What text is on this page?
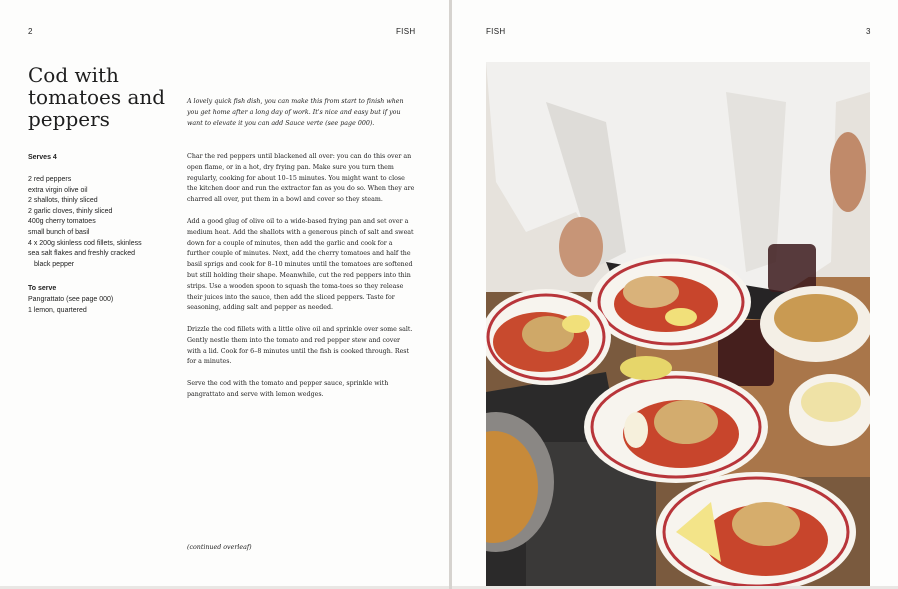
2	FISH
Cod with tomatoes and peppers
Serves 4
2 red peppers
extra virgin olive oil
2 shallots, thinly sliced
2 garlic cloves, thinly sliced
400g cherry tomatoes
small bunch of basil
4 x 200g skinless cod fillets, skinless
sea salt flakes and freshly cracked
black pepper
To serve
Pangrattato (see page 000)
1 lemon, quartered

A lovely quick fish dish, you can make this from start to finish when you get home after a long day of work. It's nice and easy but if you want to elevate it you can add Sauce verte (see page 000).

Char the red peppers until blackened all over: you can do this over an open flame, or in a hot, dry frying pan. Make sure you turn them regularly, cooking for about 10–15 minutes. You might want to close the kitchen door and run the extractor fan as you do so. When they are charred all over, put them in a bowl and cover so they steam.

Add a good glug of olive oil to a wide-based frying pan and set over a medium heat. Add the shallots with a generous pinch of salt and sweat down for a couple of minutes, then add the garlic and cook for a further couple of minutes. Next, add the cherry tomatoes and half the basil sprigs and cook for 8–10 minutes until the tomatoes are softened but still holding their shape. Meanwhile, cut the red peppers into thin strips. Use a wooden spoon to squash the toma-toes so they release their juices into the sauce, then add the sliced peppers. Taste for seasoning, adding salt and pepper as needed.

Drizzle the cod fillets with a little olive oil and sprinkle over some salt. Gently nestle them into the tomato and red pepper stew and cover with a lid. Cook for 6–8 minutes until the fish is cooked through. Rest for a minutes.

Serve the cod with the tomato and pepper sauce, sprinkle with pangrattato and serve with lemon wedges.

(continued overleaf)
FISH	3
